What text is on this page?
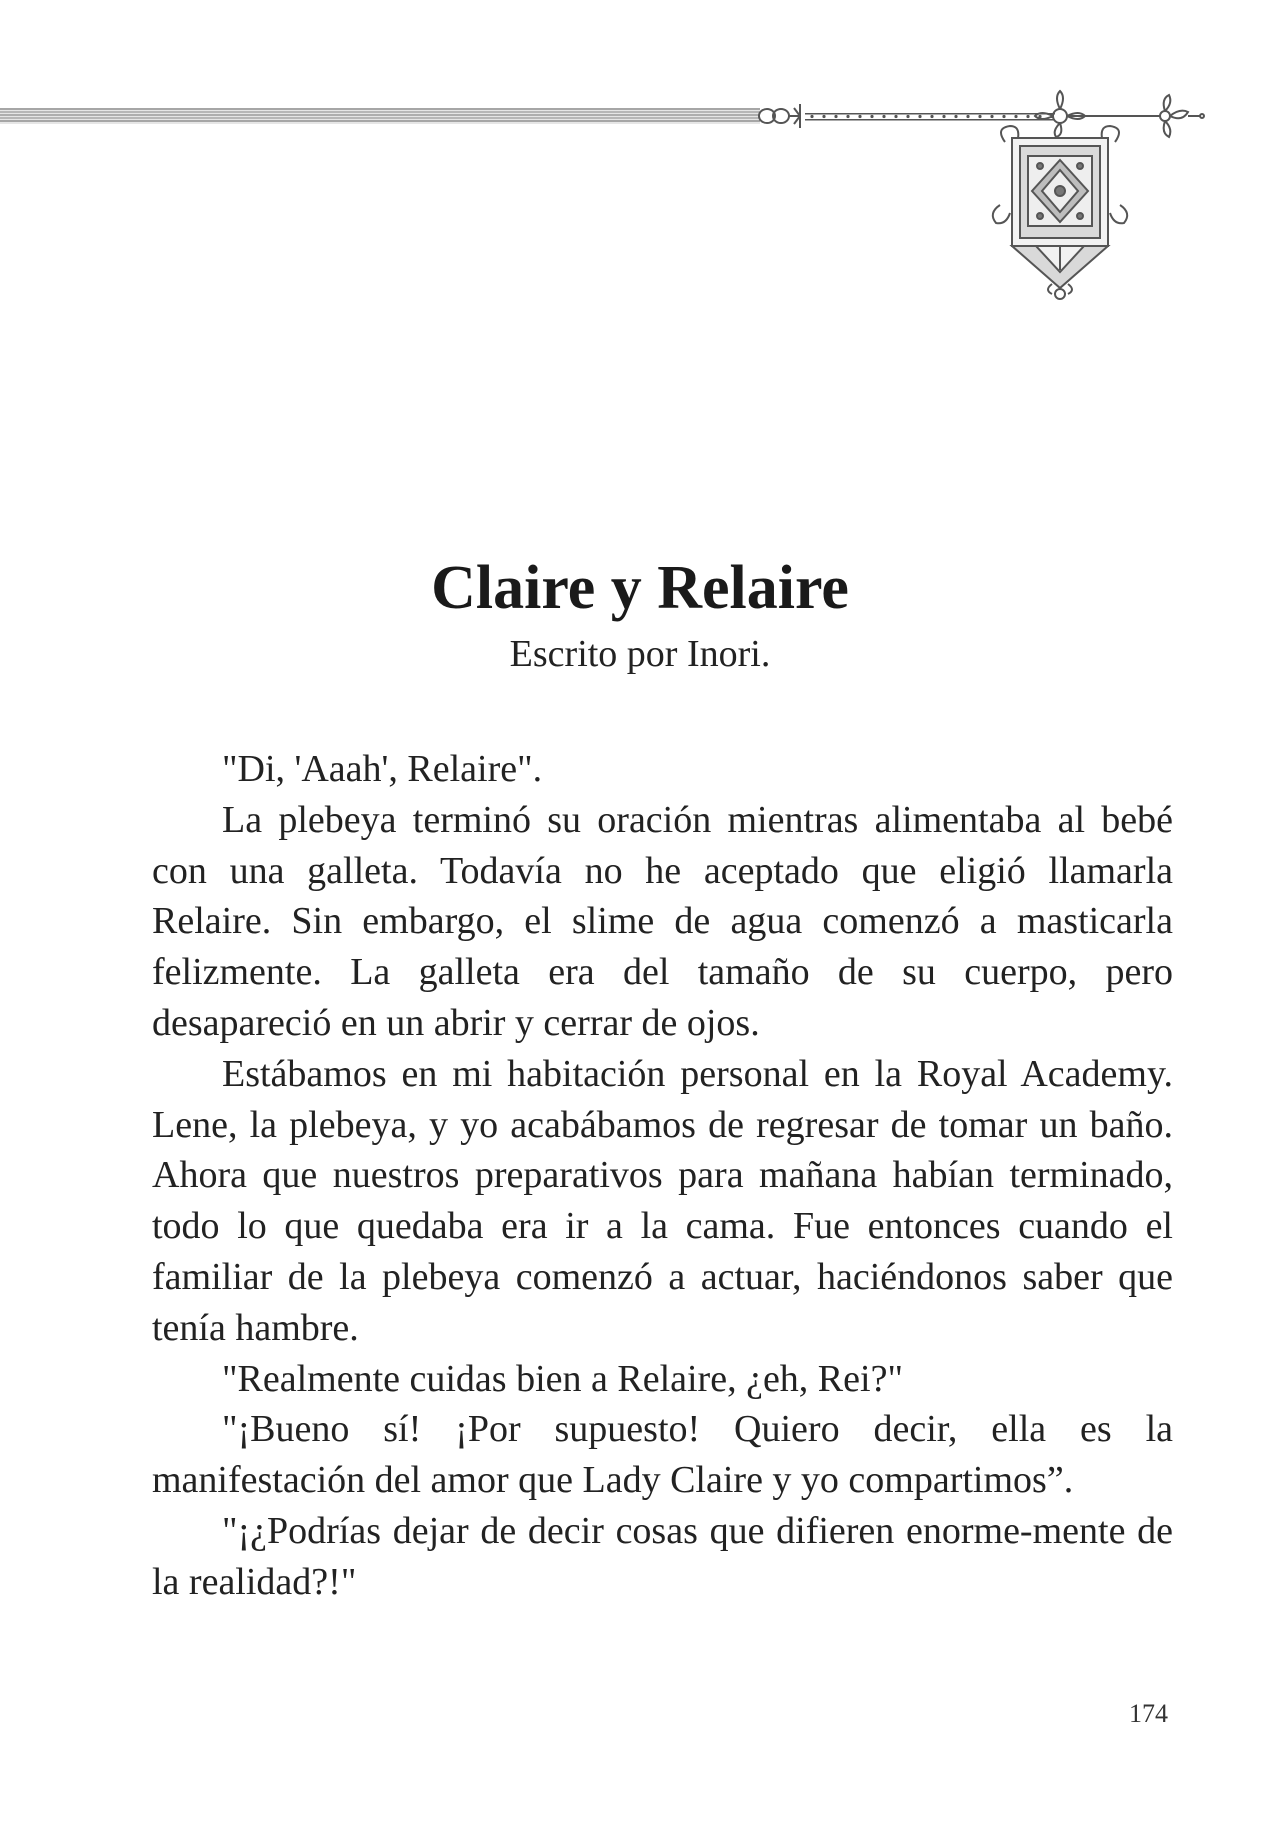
Claire y Relaire
Escrito por Inori.

"Di, 'Aaah', Relaire".

La plebeya terminó su oración mientras alimentaba al bebé con una galleta. Todavía no he aceptado que eligió llamarla Relaire. Sin embargo, el slime de agua comenzó a masticarla felizmente. La galleta era del tamaño de su cuerpo, pero desapareció en un abrir y cerrar de ojos.

Estábamos en mi habitación personal en la Royal Academy. Lene, la plebeya, y yo acabábamos de regresar de tomar un baño. Ahora que nuestros preparativos para mañana habían terminado, todo lo que quedaba era ir a la cama. Fue entonces cuando el familiar de la plebeya comenzó a actuar, haciéndonos saber que tenía hambre.

"Realmente cuidas bien a Relaire, ¿eh, Rei?"

"¡Bueno sí! ¡Por supuesto! Quiero decir, ella es la manifestación del amor que Lady Claire y yo compartimos”.

"¡¿Podrías dejar de decir cosas que difieren enorme-mente de la realidad?!"

174
